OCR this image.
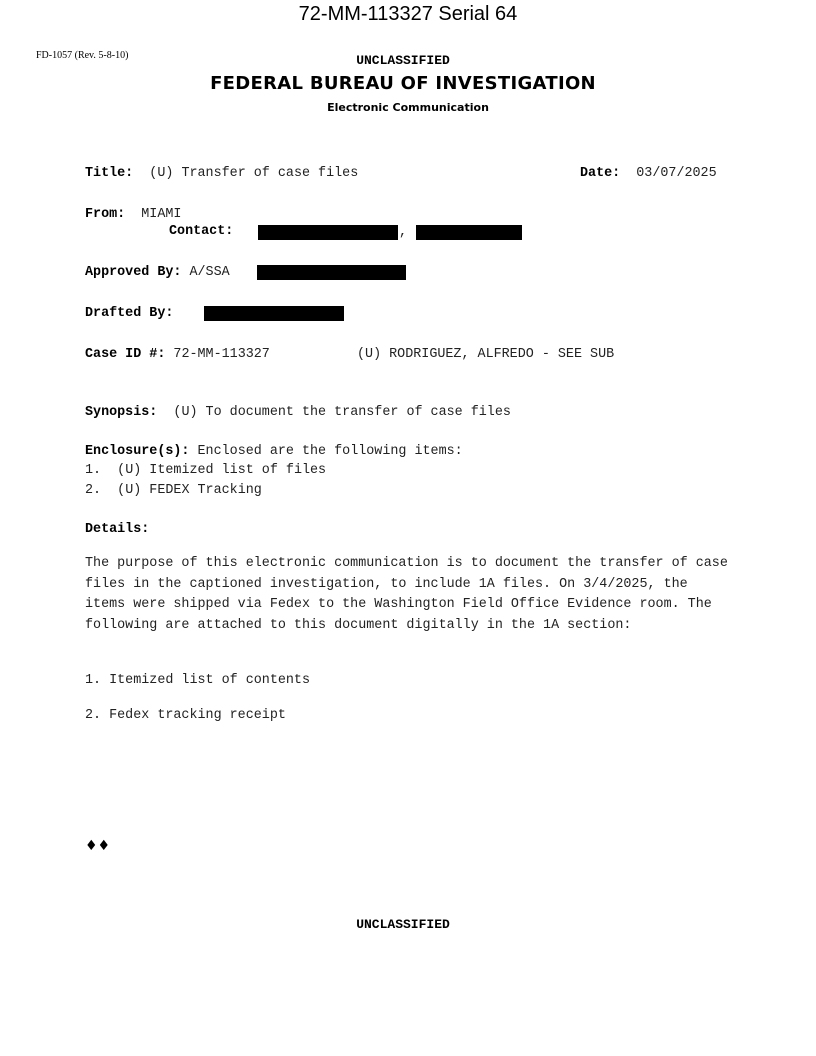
72-MM-113327 Serial 64
FD-1057 (Rev. 5-8-10)	UNCLASSIFIED
FEDERAL BUREAU OF INVESTIGATION
Electronic Communication
Title: (U) Transfer of case files	Date: 03/07/2025
From: MIAMI
Contact:	,
Approved By: A/SSA
Drafted By:
Case ID #: 72-MM-113327	(U) RODRIGUEZ, ALFREDO - SEE SUB
Synopsis: (U) To document the transfer of case files
Enclosure(s): Enclosed are the following items:
1. (U) Itemized list of files
2. (U) FEDEX Tracking
Details:
The purpose of this electronic communication is to document the transfer of case files in the captioned investigation, to include 1A files. On 3/4/2025, the items were shipped via Fedex to the Washington Field Office Evidence room. The following are attached to this document digitally in the 1A section:
1. Itemized list of contents
2. Fedex tracking receipt
♦♦
UNCLASSIFIED
